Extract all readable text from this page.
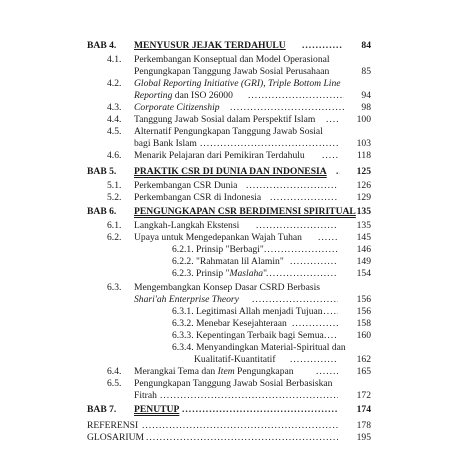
BAB 4. MENYUSUR JEJAK TERDAHULU .....	84
4.1. Perkembangan Konseptual dan Model Operasional
Pengungkapan Tanggung Jawab Sosial Perusahaan	85
4.2. Global Reporting Initiative (GRI), Triple Bottom Line
Reporting dan ISO 26000 .....	94
4.3. Corporate Citizenship .....	98
4.4. Tanggung Jawab Sosial dalam Perspektif Islam .....	100
4.5. Alternatif Pengungkapan Tanggung Jawab Sosial
bagi Bank Islam .....	103
4.6. Menarik Pelajaran dari Pemikiran Terdahulu .....	118
BAB 5. PRAKTIK CSR DI DUNIA DAN INDONESIA .....	125
5.1. Perkembangan CSR Dunia .....	126
5.2. Perkembangan CSR di Indonesia .....	129
BAB 6. PENGUNGKAPAN CSR BERDIMENSI SPIRITUAL 135
6.1. Langkah-Langkah Ekstensi .....	135
6.2. Upaya untuk Mengedepankan Wajah Tuhan .....	145
6.2.1. Prinsip "Berbagi" .....	146
6.2.2. "Rahmatan lil Alamin" .....	149
6.2.3. Prinsip "Maslaha" .....	154
6.3. Mengembangkan Konsep Dasar CSRD Berbasis
Shari'ah Enterprise Theory .....	156
6.3.1. Legitimasi Allah menjadi Tujuan .....	156
6.3.2. Menebar Kesejahteraan .....	158
6.3.3. Kepentingan Terbaik bagi Semua .....	160
6.3.4. Menyandingkan Material-Spiritual dan
Kualitatif-Kuantitatif .....	162
6.4. Merangkai Tema dan Item Pengungkapan .....	165
6.5. Pengungkapan Tanggung Jawab Sosial Berbasiskan
Fitrah .....	172
BAB 7. PENUTUP .....	174
REFERENSI .....	178
GLOSARIUM .....	195
